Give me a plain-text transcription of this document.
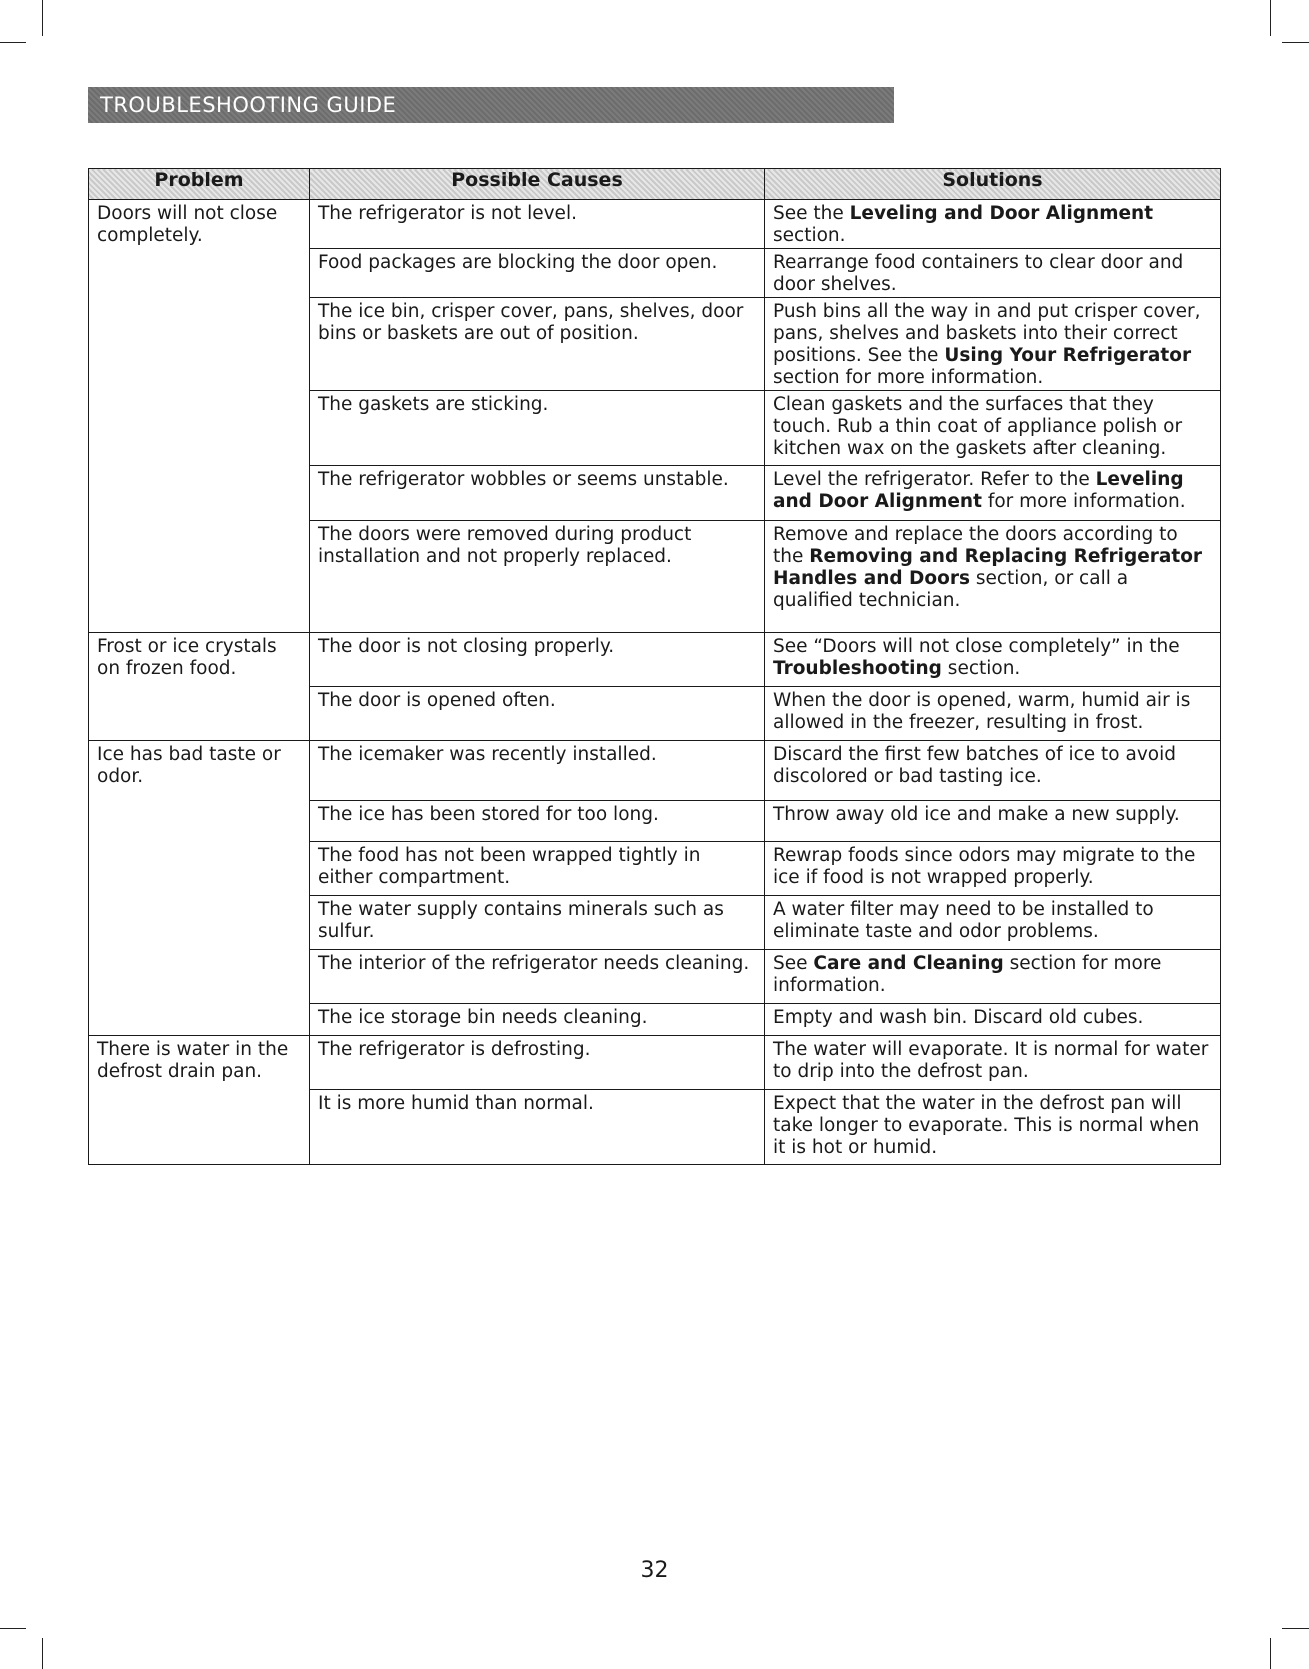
TROUBLESHOOTING GUIDE
Problem	Possible Causes	Solutions
Doors will not close completely.	The refrigerator is not level.	See the Leveling and Door Alignment section.
	Food packages are blocking the door open.	Rearrange food containers to clear door and door shelves.
	The ice bin, crisper cover, pans, shelves, door bins or baskets are out of position.	Push bins all the way in and put crisper cover, pans, shelves and baskets into their correct positions. See the Using Your Refrigerator section for more information.
	The gaskets are sticking.	Clean gaskets and the surfaces that they touch. Rub a thin coat of appliance polish or kitchen wax on the gaskets after cleaning.
	The refrigerator wobbles or seems unstable.	Level the refrigerator. Refer to the Leveling and Door Alignment for more information.
	The doors were removed during product installation and not properly replaced.	Remove and replace the doors according to the Removing and Replacing Refrigerator Handles and Doors section, or call a qualified technician.
Frost or ice crystals on frozen food.	The door is not closing properly.	See “Doors will not close completely” in the Troubleshooting section.
	The door is opened often.	When the door is opened, warm, humid air is allowed in the freezer, resulting in frost.
Ice has bad taste or odor.	The icemaker was recently installed.	Discard the first few batches of ice to avoid discolored or bad tasting ice.
	The ice has been stored for too long.	Throw away old ice and make a new supply.
	The food has not been wrapped tightly in either compartment.	Rewrap foods since odors may migrate to the ice if food is not wrapped properly.
	The water supply contains minerals such as sulfur.	A water filter may need to be installed to eliminate taste and odor problems.
	The interior of the refrigerator needs cleaning.	See Care and Cleaning section for more information.
	The ice storage bin needs cleaning.	Empty and wash bin. Discard old cubes.
There is water in the defrost drain pan.	The refrigerator is defrosting.	The water will evaporate. It is normal for water to drip into the defrost pan.
	It is more humid than normal.	Expect that the water in the defrost pan will take longer to evaporate. This is normal when it is hot or humid.
32
